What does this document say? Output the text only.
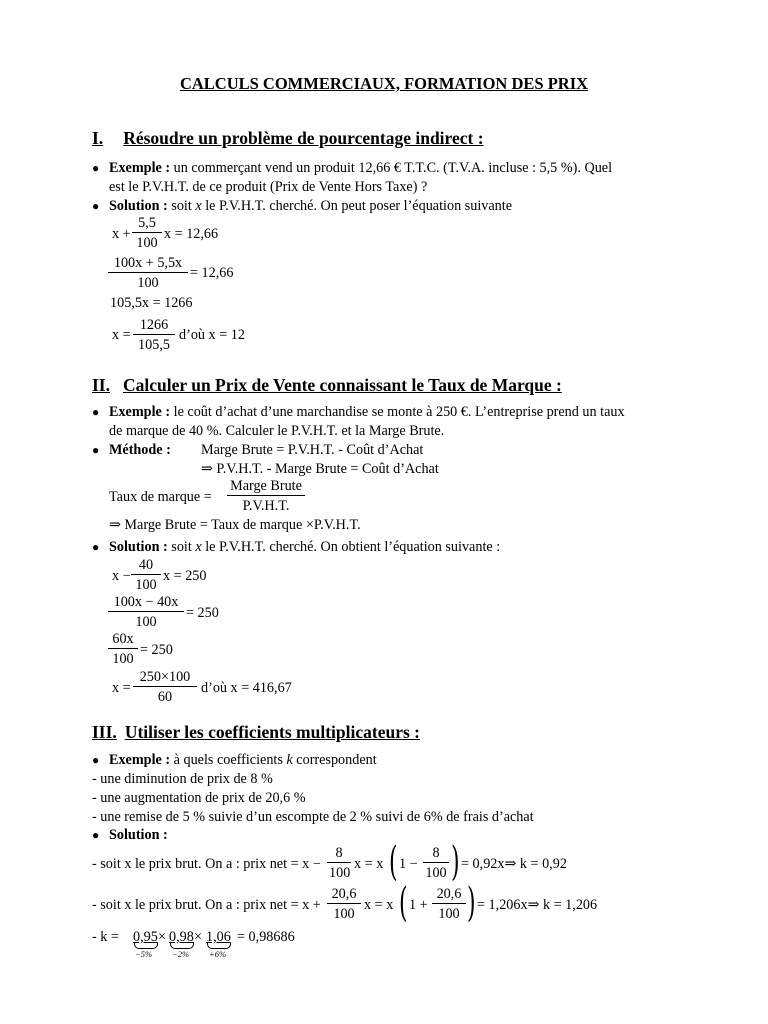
CALCULS COMMERCIAUX, FORMATION DES PRIX
I. Résoudre un problème de pourcentage indirect :
● Exemple : un commerçant vend un produit 12,66 € T.T.C. (T.V.A. incluse : 5,5 %). Quel
est le P.V.H.T. de ce produit (Prix de Vente Hors Taxe) ?
● Solution : soit x le P.V.H.T. cherché. On peut poser l’équation suivante
x +
5,5
100
x = 12,66
100x + 5,5x
100
= 12,66
105,5x = 1266
x =
1266
105,5
d’où x = 12
II. Calculer un Prix de Vente connaissant le Taux de Marque :
● Exemple : le coût d’achat d’une marchandise se monte à 250 €. L’entreprise prend un taux
de marque de 40 %. Calculer le P.V.H.T. et la Marge Brute.
● Méthode : Marge Brute = P.V.H.T. - Coût d’Achat
⇒ P.V.H.T. - Marge Brute = Coût d’Achat
Taux de marque =
Marge Brute
P.V.H.T.
⇒ Marge Brute = Taux de marque ×P.V.H.T.
● Solution : soit x le P.V.H.T. cherché. On obtient l’équation suivante :
x −
40
100
x = 250
100x − 40x
100
= 250
60x
100
= 250
x =
250×100
60
d’où x = 416,67
III. Utiliser les coefficients multiplicateurs :
● Exemple : à quels coefficients k correspondent
- une diminution de prix de 8 %
- une augmentation de prix de 20,6 %
- une remise de 5 % suivie d’un escompte de 2 % suivi de 6% de frais d’achat
● Solution :
- soit x le prix brut. On a : prix net = x −
8
100
x = x ( 1 −
8
100 ) = 0,92x⇒ k = 0,92
- soit x le prix brut. On a : prix net = x +
20,6
100
x = x ( 1 +
20,6
100 ) = 1,206x⇒ k = 1,206
- k = 0,95 × 0,98 × 1,06 = 0,98686
−5% −2% +6%
